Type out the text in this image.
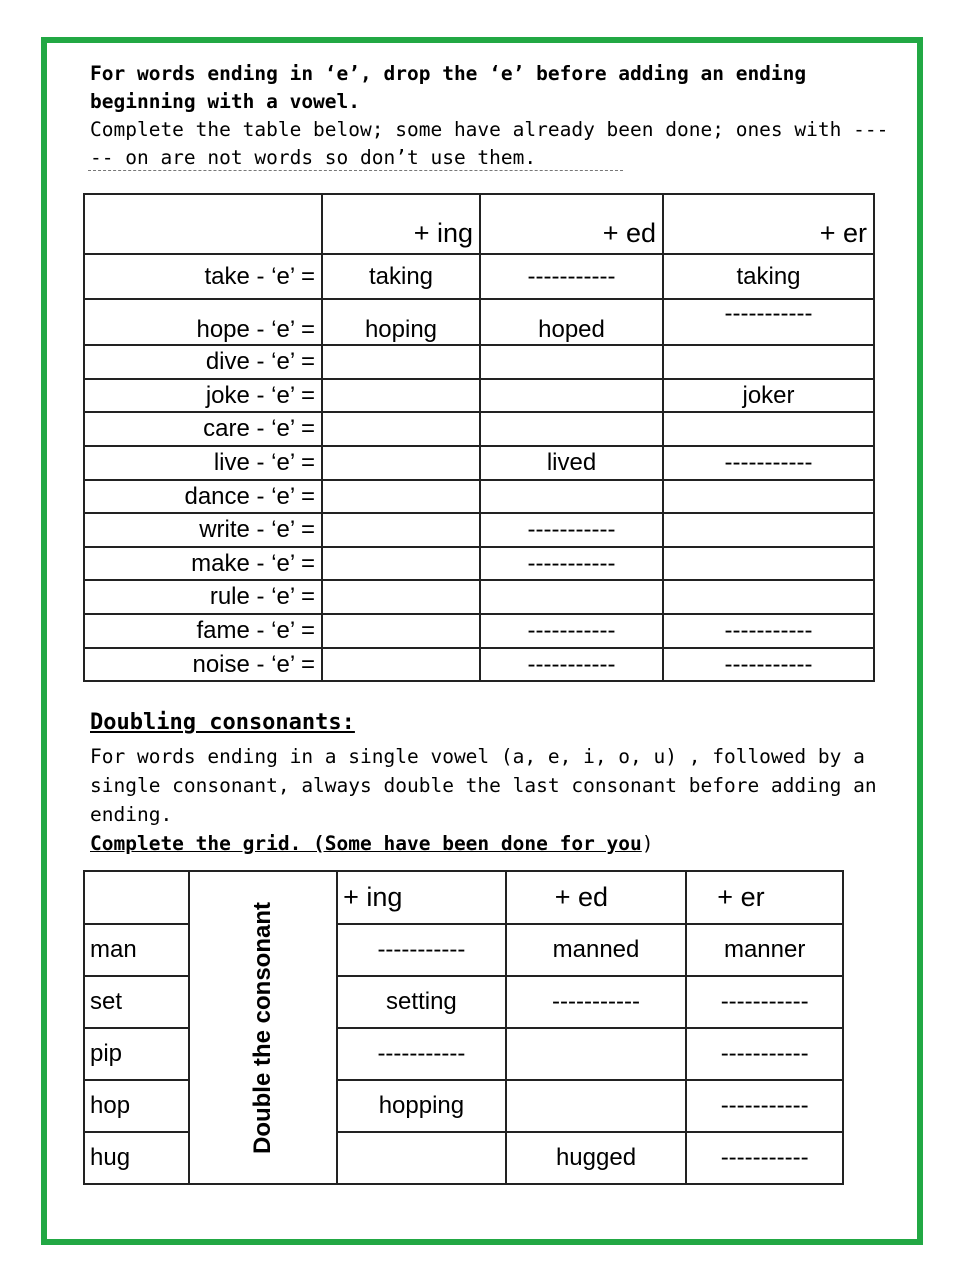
For words ending in ‘e’, drop the ‘e’ before adding an ending beginning with a vowel.
Complete the table below; some have already been done; ones with ----- on are not words so don’t use them.
	+ ing	+ ed	+ er
take - ‘e’ =	taking	-----------	taking
hope - ‘e’ =	hoping	hoped	-----------
dive - ‘e’ =			
joke - ‘e’ =			joker
care - ‘e’ =			
live - ‘e’ =		lived	-----------
dance - ‘e’ =			
write - ‘e’ =		-----------	
make - ‘e’ =		-----------	
rule - ‘e’ =			
fame - ‘e’ =		-----------	-----------
noise - ‘e’ =		-----------	-----------
Doubling consonants:
For words ending in a single vowel (a, e, i, o, u) , followed by a single consonant, always double the last consonant before adding an ending.
Complete the grid. (Some have been done for you)

	Double the consonant	+ ing	+ ed	+ er
man		-----------	manned	manner
set		setting	-----------	-----------
pip		-----------		-----------
hop		hopping		-----------
hug			hugged	-----------
